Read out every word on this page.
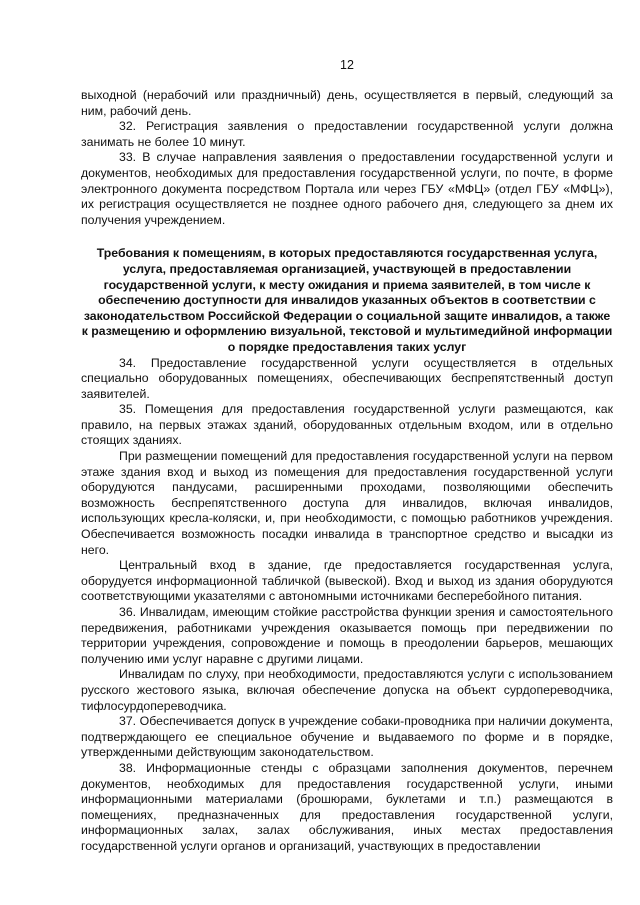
12

выходной (нерабочий или праздничный) день, осуществляется в первый, следующий за ним, рабочий день.

32. Регистрация заявления о предоставлении государственной услуги должна занимать не более 10 минут.

33. В случае направления заявления о предоставлении государственной услуги и документов, необходимых для предоставления государственной услуги, по почте, в форме электронного документа посредством Портала или через ГБУ «МФЦ» (отдел ГБУ «МФЦ»), их регистрация осуществляется не позднее одного рабочего дня, следующего за днем их получения учреждением.

Требования к помещениям, в которых предоставляются государственная услуга, услуга, предоставляемая организацией, участвующей в предоставлении государственной услуги, к месту ожидания и приема заявителей, в том числе к обеспечению доступности для инвалидов указанных объектов в соответствии с законодательством Российской Федерации о социальной защите инвалидов, а также к размещению и оформлению визуальной, текстовой и мультимедийной информации о порядке предоставления таких услуг

34. Предоставление государственной услуги осуществляется в отдельных специально оборудованных помещениях, обеспечивающих беспрепятственный доступ заявителей.

35. Помещения для предоставления государственной услуги размещаются, как правило, на первых этажах зданий, оборудованных отдельным входом, или в отдельно стоящих зданиях.

При размещении помещений для предоставления государственной услуги на первом этаже здания вход и выход из помещения для предоставления государственной услуги оборудуются пандусами, расширенными проходами, позволяющими обеспечить возможность беспрепятственного доступа для инвалидов, включая инвалидов, использующих кресла-коляски, и, при необходимости, с помощью работников учреждения. Обеспечивается возможность посадки инвалида в транспортное средство и высадки из него.

Центральный вход в здание, где предоставляется государственная услуга, оборудуется информационной табличкой (вывеской). Вход и выход из здания оборудуются соответствующими указателями с автономными источниками бесперебойного питания.

36. Инвалидам, имеющим стойкие расстройства функции зрения и самостоятельного передвижения, работниками учреждения оказывается помощь при передвижении по территории учреждения, сопровождение и помощь в преодолении барьеров, мешающих получению ими услуг наравне с другими лицами.

Инвалидам по слуху, при необходимости, предоставляются услуги с использованием русского жестового языка, включая обеспечение допуска на объект сурдопереводчика, тифлосурдопереводчика.

37. Обеспечивается допуск в учреждение собаки-проводника при наличии документа, подтверждающего ее специальное обучение и выдаваемого по форме и в порядке, утвержденными действующим законодательством.

38. Информационные стенды с образцами заполнения документов, перечнем документов, необходимых для предоставления государственной услуги, иными информационными материалами (брошюрами, буклетами и т.п.) размещаются в помещениях, предназначенных для предоставления государственной услуги, информационных залах, залах обслуживания, иных местах предоставления государственной услуги органов и организаций, участвующих в предоставлении
